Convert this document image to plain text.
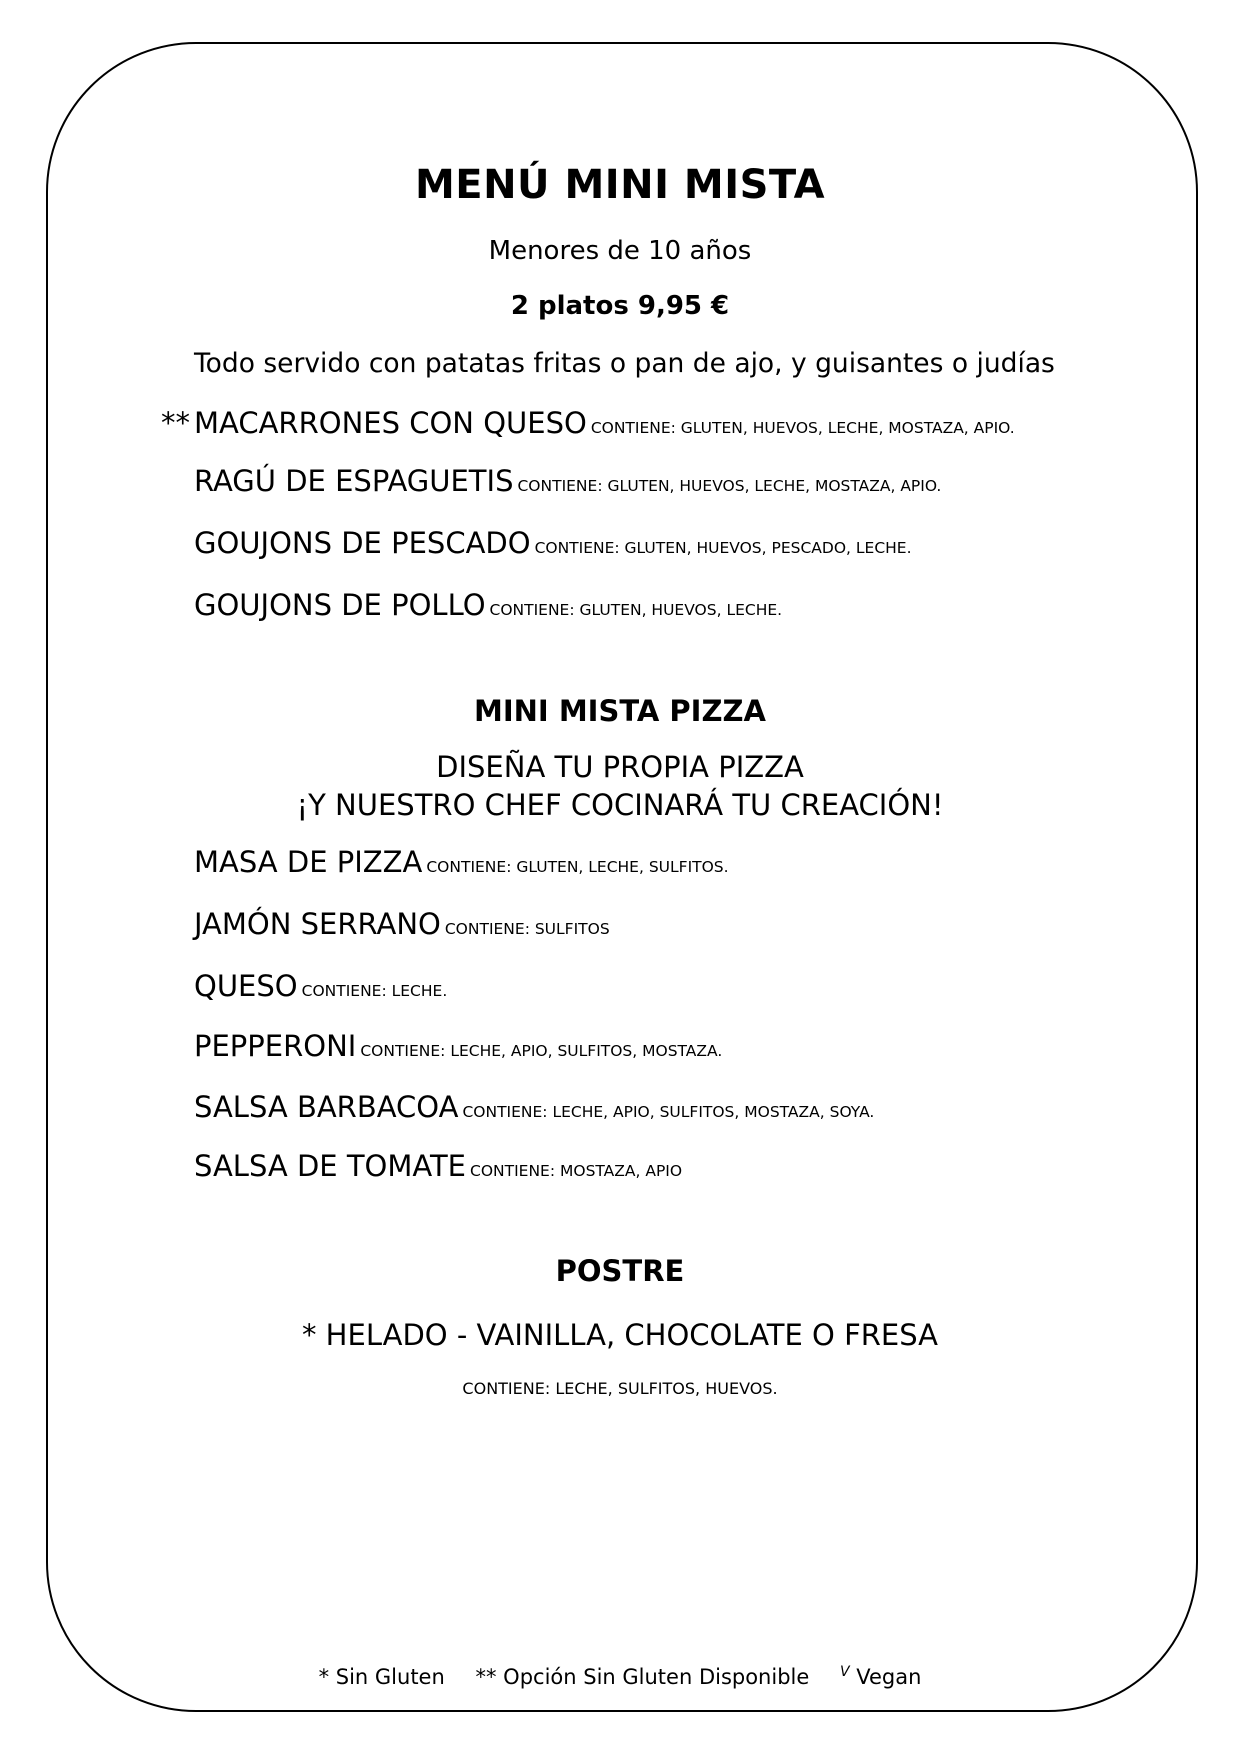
MENÚ MINI MISTA
Menores de 10 años
2 platos 9,95 €
Todo servido con patatas fritas o pan de ajo, y guisantes o judías
** MACARRONES CON QUESO CONTIENE: GLUTEN, HUEVOS, LECHE, MOSTAZA, APIO.
RAGÚ DE ESPAGUETIS CONTIENE: GLUTEN, HUEVOS, LECHE, MOSTAZA, APIO.
GOUJONS DE PESCADO CONTIENE: GLUTEN, HUEVOS, PESCADO, LECHE.
GOUJONS DE POLLO CONTIENE: GLUTEN, HUEVOS, LECHE.
MINI MISTA PIZZA
DISEÑA TU PROPIA PIZZA
¡Y NUESTRO CHEF COCINARÁ TU CREACIÓN!
MASA DE PIZZA CONTIENE: GLUTEN, LECHE, SULFITOS.
JAMÓN SERRANO CONTIENE: SULFITOS
QUESO CONTIENE: LECHE.
PEPPERONI CONTIENE: LECHE, APIO, SULFITOS, MOSTAZA.
SALSA BARBACOA CONTIENE: LECHE, APIO, SULFITOS, MOSTAZA, SOYA.
SALSA DE TOMATE CONTIENE: MOSTAZA, APIO
POSTRE
* HELADO - VAINILLA, CHOCOLATE O FRESA
CONTIENE: LECHE, SULFITOS, HUEVOS.
* Sin Gluten ** Opción Sin Gluten Disponible $^V$ Vegan
